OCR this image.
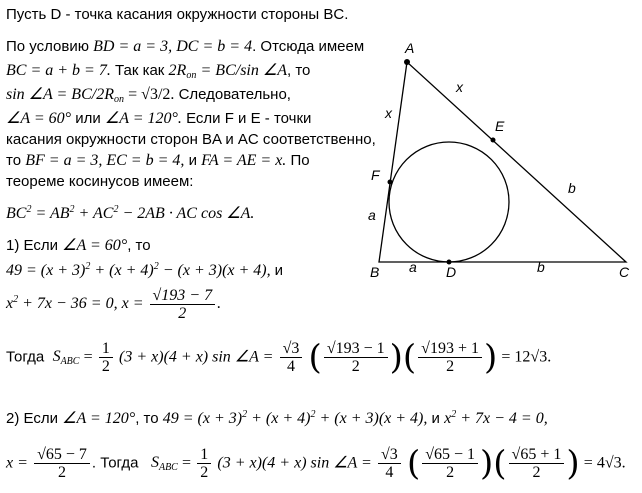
A
B	C
D
E
F
x
x
a
a
b
b
Пусть D - точка касания окружности стороны BC.
По условию BD = a = 3, DC = b = 4. Отсюда имеем
BC = a + b = 7. Так как $2R_{оп} = BC/\sin$ ∠A, то
sin ∠A = $BC/2R_{оп} = √3/2$. Следовательно,
∠A = 60° или ∠A = 120°. Если F и E - точки
касания окружности сторон BA и AC соответственно,
то BF = a = 3, EC = b = 4, и FA = AE = x. По
теореме косинусов имеем:
$BC^2 = AB^2 + AC^2 - 2AB$ · AC cos ∠A.
1) Если ∠A = 60°, то
$49 = (x + 3)^2 + (x + 4)^2 - (x + 3)(x + 4)$, и
$x^2 + 7x - 36 = 0$, $x = \frac{√193 - 7}{2}$ .
Тогда $S_{ABC} = \frac{1}{2} (3 + x)(4 + x)$ sin ∠A = $\frac{√3}{4}$ ( $\frac{√193 - 1}{2}$ )( $\frac{√193 + 1}{2}$ ) = 12√3.
2) Если ∠A = 120°, то $49 = (x + 3)^2 + (x + 4)^2 + (x + 3)(x + 4)$, и $x^2 + 7x - 4 = 0$,
$x = \frac{√65 - 7}{2}$ . Тогда $S_{ABC} = \frac{1}{2} (3 + x)(4 + x)$ sin ∠A = $\frac{√3}{4}$ ( $\frac{√65 - 1}{2}$ )( $\frac{√65 + 1}{2}$ ) = 4√3.
